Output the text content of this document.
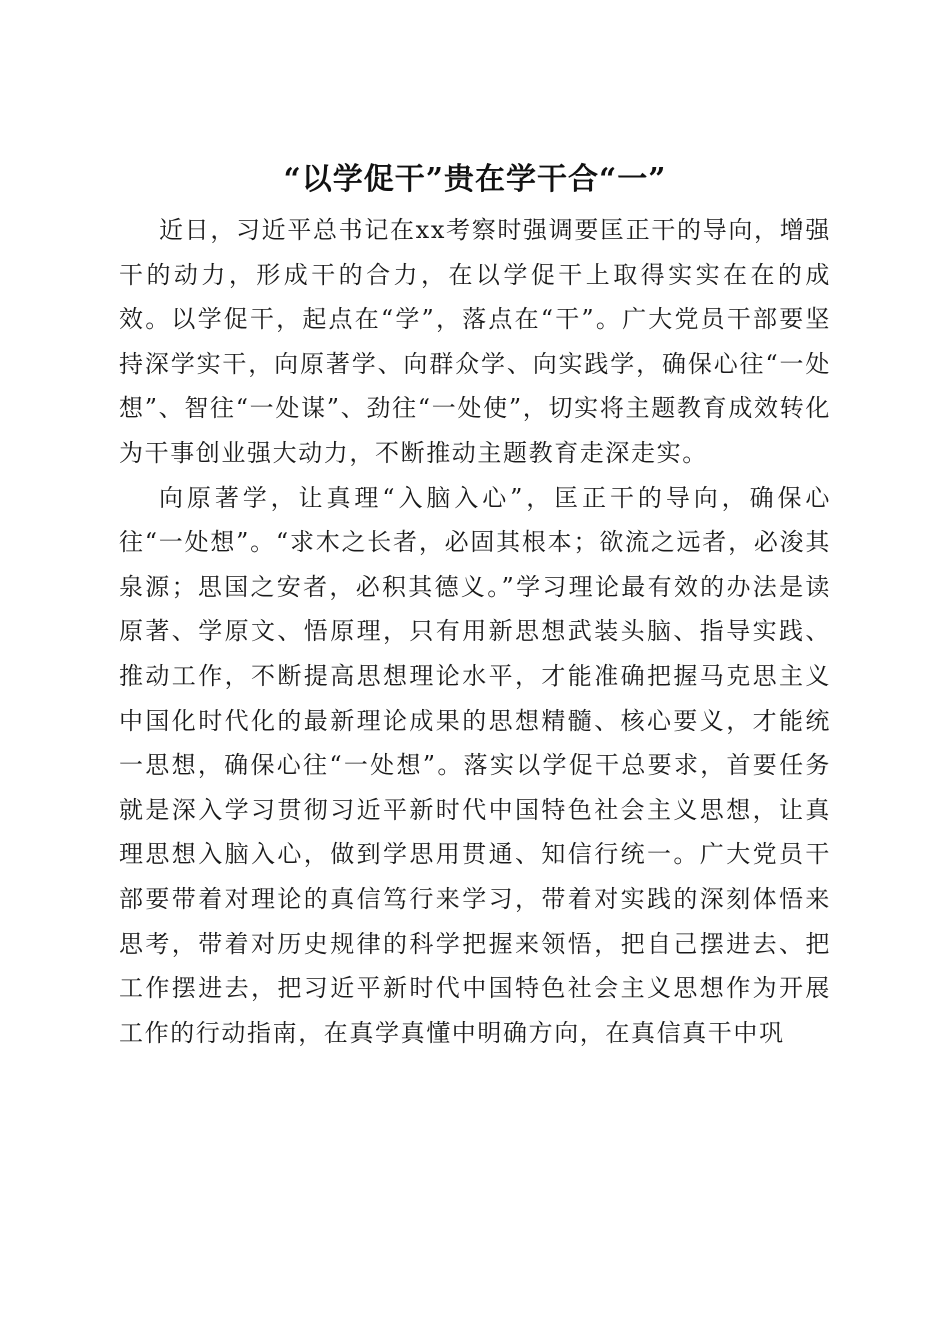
“以学促干”贵在学干合“一”

近日，习近平总书记在xx考察时强调要匡正干的导向，增强干的动力，形成干的合力，在以学促干上取得实实在在的成效。以学促干，起点在“学”，落点在“干”。广大党员干部要坚持深学实干，向原著学、向群众学、向实践学，确保心往“一处想”、智往“一处谋”、劲往“一处使”，切实将主题教育成效转化为干事创业强大动力，不断推动主题教育走深走实。

向原著学，让真理“入脑入心”，匡正干的导向，确保心往“一处想”。“求木之长者，必固其根本；欲流之远者，必浚其泉源；思国之安者，必积其德义。”学习理论最有效的办法是读原著、学原文、悟原理，只有用新思想武装头脑、指导实践、推动工作，不断提高思想理论水平，才能准确把握马克思主义中国化时代化的最新理论成果的思想精髓、核心要义，才能统一思想，确保心往“一处想”。落实以学促干总要求，首要任务就是深入学习贯彻习近平新时代中国特色社会主义思想，让真理思想入脑入心，做到学思用贯通、知信行统一。广大党员干部要带着对理论的真信笃行来学习，带着对实践的深刻体悟来思考，带着对历史规律的科学把握来领悟，把自己摆进去、把工作摆进去，把习近平新时代中国特色社会主义思想作为开展工作的行动指南，在真学真懂中明确方向，在真信真干中巩
